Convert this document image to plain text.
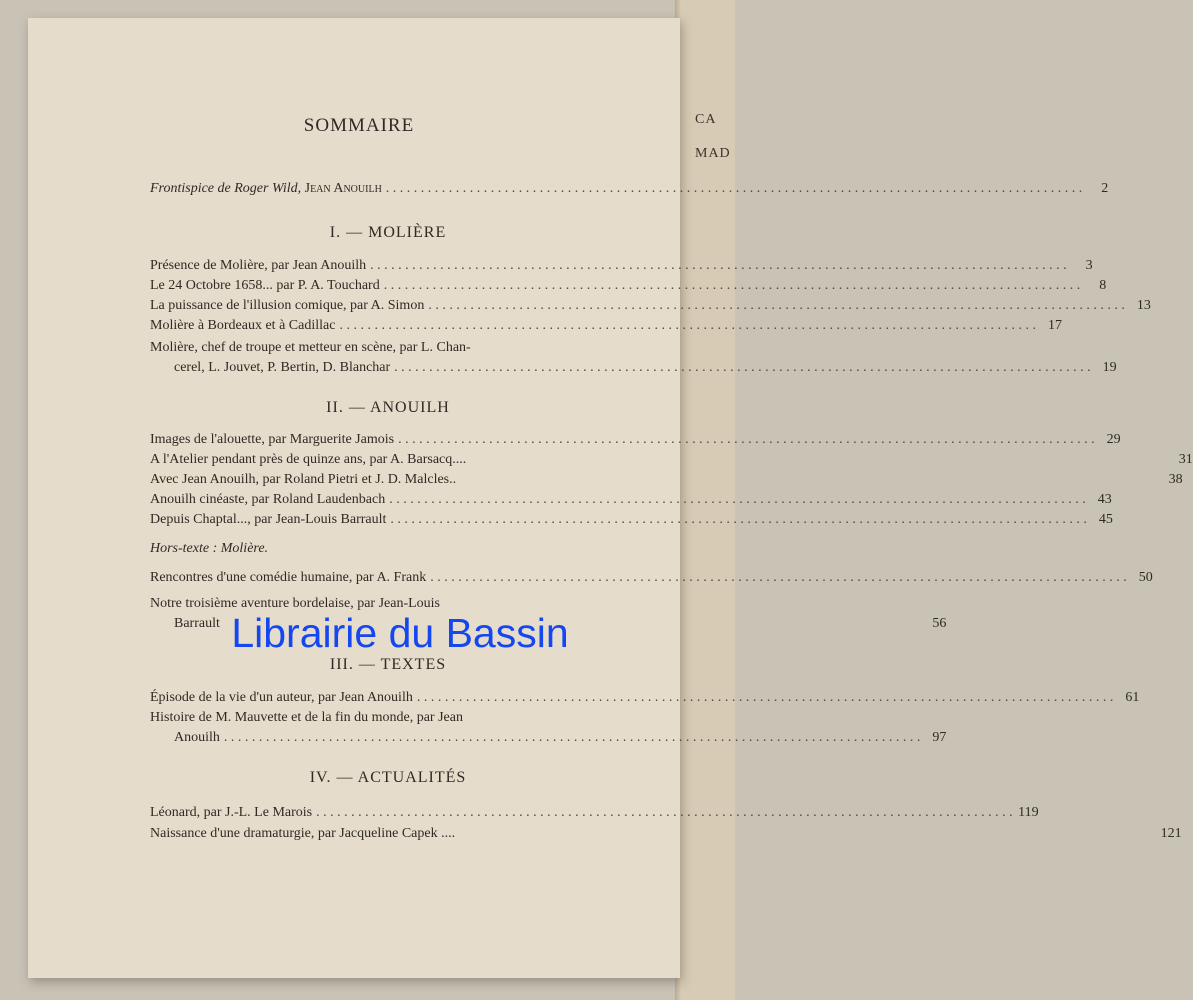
CA
MAD
SOMMAIRE
Frontispice de Roger Wild, Jean Anouilh . . .	2
I. — MOLIÈRE
Présence de Molière, par Jean Anouilh . . .	3
Le 24 Octobre 1658... par P. A. Touchard . . .	8
La puissance de l'illusion comique, par A. Simon . . .	13
Molière à Bordeaux et à Cadillac . . .	17
Molière, chef de troupe et metteur en scène, par L. Chan-
cerel, L. Jouvet, P. Bertin, D. Blanchar . . .	19
II. — ANOUILH
Images de l'alouette, par Marguerite Jamois . . .	29
A l'Atelier pendant près de quinze ans, par A. Barsacq....	31
Avec Jean Anouilh, par Roland Pietri et J. D. Malcles..	38
Anouilh cinéaste, par Roland Laudenbach . . .	43
Depuis Chaptal..., par Jean-Louis Barrault . . .	45
Hors-texte : Molière.
Rencontres d'une comédie humaine, par A. Frank . . .	50
Notre troisième aventure bordelaise, par Jean-Louis
Barrault	56
III. — TEXTES
Épisode de la vie d'un auteur, par Jean Anouilh . . .	61
Histoire de M. Mauvette et de la fin du monde, par Jean
Anouilh . . .	97
IV. — ACTUALITÉS
Léonard, par J.-L. Le Marois . . .	119
Naissance d'une dramaturgie, par Jacqueline Capek ....	121
Librairie du Bassin
